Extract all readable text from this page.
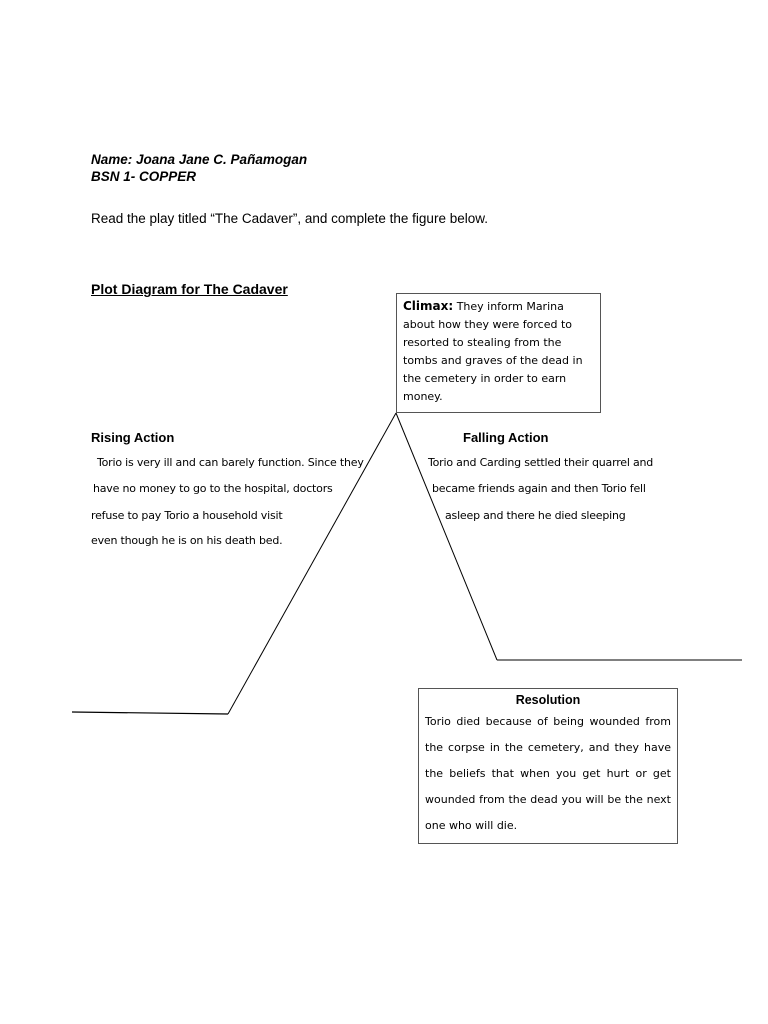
Name: Joana Jane C. Pañamogan
BSN 1- COPPER
Read the play titled “The Cadaver”, and complete the figure below.
Plot Diagram for The Cadaver

Climax: They inform Marina about how they were forced to resorted to stealing from the tombs and graves of the dead in the cemetery in order to earn money.

Rising Action
Torio is very ill and can barely function. Since they
have no money to go to the hospital, doctors
refuse to pay Torio a household visit
even though he is on his death bed.
Falling Action
Torio and Carding settled their quarrel and
became friends again and then Torio fell
asleep and there he died sleeping
Resolution

Torio died because of being wounded from the corpse in the cemetery, and they have the beliefs that when you get hurt or get wounded from the dead you will be the next one who will die.
